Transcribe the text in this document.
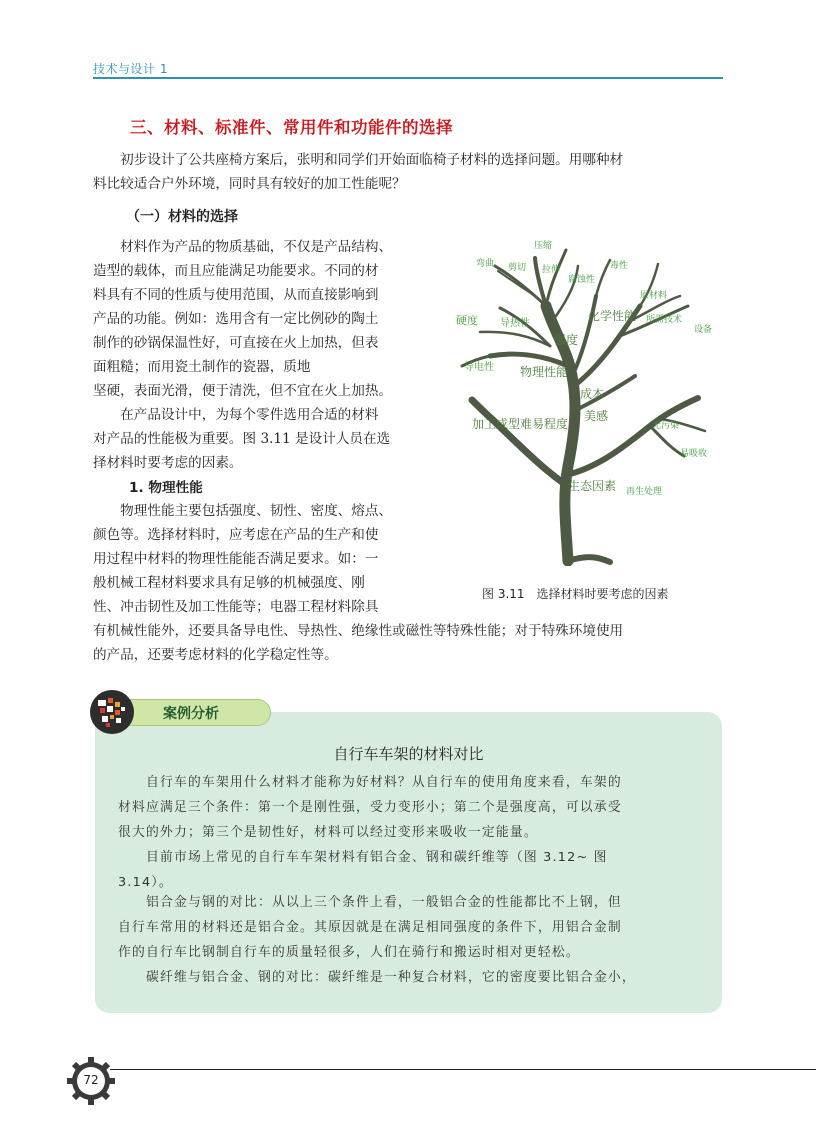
技术与设计 1
三、材料、标准件、常用件和功能件的选择
　　初步设计了公共座椅方案后，张明和同学们开始面临椅子材料的选择问题。用哪种材
料比较适合户外环境，同时具有较好的加工性能呢？
（一）材料的选择
　　材料作为产品的物质基础，不仅是产品结构、
造型的载体，而且应能满足功能要求。不同的材
料具有不同的性质与使用范围，从而直接影响到
产品的功能。例如：选用含有一定比例砂的陶土
制作的砂锅保温性好，可直接在火上加热，但表
面粗糙；而用瓷土制作的瓷器，质地
坚硬，表面光滑，便于清洗，但不宜在火上加热。
　　在产品设计中，为每个零件选用合适的材料
对产品的性能极为重要。图 3.11 是设计人员在选
择材料时要考虑的因素。
1. 物理性能
　　物理性能主要包括强度、韧性、密度、熔点、
颜色等。选择材料时，应考虑在产品的生产和使
用过程中材料的物理性能能否满足要求。如：一
般机械工程材料要求具有足够的机械强度、刚
性、冲击韧性及加工性能等；电器工程材料除具
有机械性能外，还要具备导电性、导热性、绝缘性或磁性等特殊性能；对于特殊环境使用
的产品，还要考虑材料的化学稳定性等。
压缩
弯曲 剪切 拉伸
腐蚀性
毒性
原材料
所需技术
设备
硬度
导电性
导热性
强度
化学性能
物理性能
成本
美感
无污染
易吸收
再生处理
生态因素
加工成型难易程度
图 3.11　选择材料时要考虑的因素
案例分析
自行车车架的材料对比
　　自行车的车架用什么材料才能称为好材料？从自行车的使用角度来看，车架的
材料应满足三个条件：第一个是刚性强，受力变形小；第二个是强度高，可以承受
很大的外力；第三个是韧性好，材料可以经过变形来吸收一定能量。
　　目前市场上常见的自行车车架材料有铝合金、钢和碳纤维等（图 3.12~ 图
3.14）。
　　铝合金与钢的对比：从以上三个条件上看，一般铝合金的性能都比不上钢，但
自行车常用的材料还是铝合金。其原因就是在满足相同强度的条件下，用铝合金制
作的自行车比钢制自行车的质量轻很多，人们在骑行和搬运时相对更轻松。
　　碳纤维与铝合金、钢的对比：碳纤维是一种复合材料，它的密度要比铝合金小，
72
